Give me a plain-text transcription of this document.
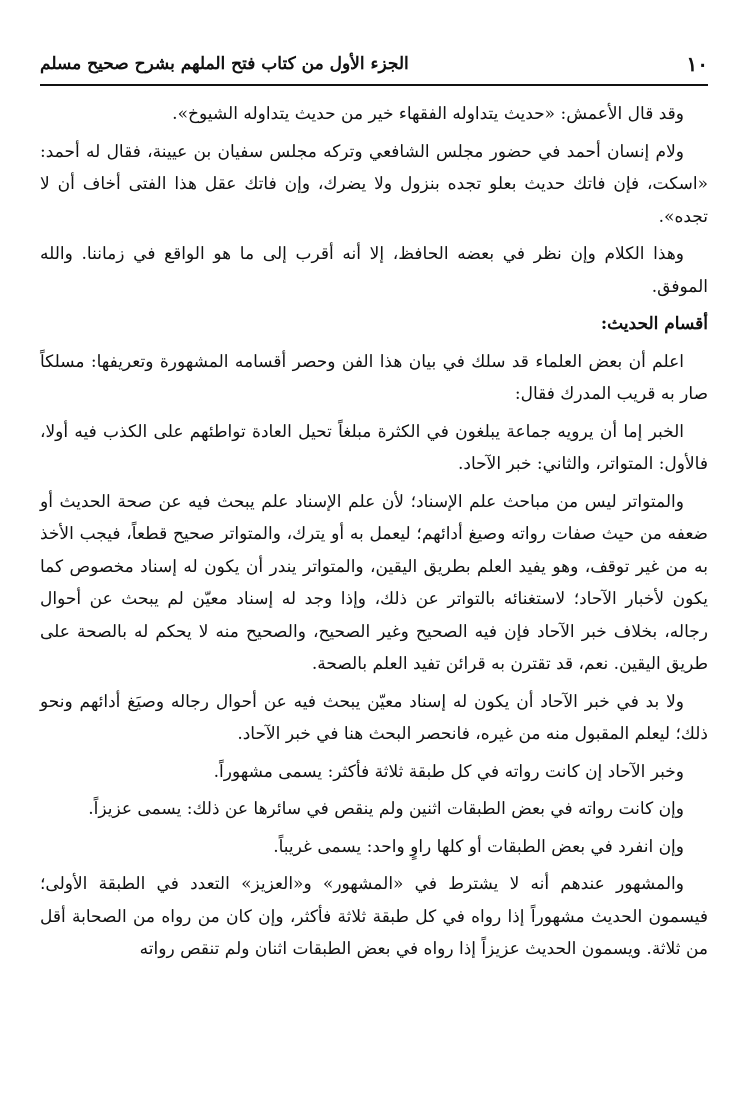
١٠
الجزء الأول من كتاب فتح الملهم بشرح صحيح مسلم

وقد قال الأعمش: «حديث يتداوله الفقهاء خير من حديث يتداوله الشيوخ».

ولام إنسان أحمد في حضور مجلس الشافعي وتركه مجلس سفيان بن عيينة، فقال له أحمد: «اسكت، فإن فاتك حديث بعلو تجده بنزول ولا يضرك، وإن فاتك عقل هذا الفتى أخاف أن لا تجده».

وهذا الكلام وإن نظر في بعضه الحافظ، إلا أنه أقرب إلى ما هو الواقع في زماننا. والله الموفق.

أقسام الحديث:

اعلم أن بعض العلماء قد سلك في بيان هذا الفن وحصر أقسامه المشهورة وتعريفها: مسلكاً صار به قريب المدرك فقال:

الخبر إما أن يرويه جماعة يبلغون في الكثرة مبلغاً تحيل العادة تواطئهم على الكذب فيه أولا، فالأول: المتواتر، والثاني: خبر الآحاد.

والمتواتر ليس من مباحث علم الإسناد؛ لأن علم الإسناد علم يبحث فيه عن صحة الحديث أو ضعفه من حيث صفات رواته وصيغ أدائهم؛ ليعمل به أو يترك، والمتواتر صحيح قطعاً، فيجب الأخذ به من غير توقف، وهو يفيد العلم بطريق اليقين، والمتواتر يندر أن يكون له إسناد مخصوص كما يكون لأخبار الآحاد؛ لاستغنائه بالتواتر عن ذلك، وإذا وجد له إسناد معيّن لم يبحث عن أحوال رجاله، بخلاف خبر الآحاد فإن فيه الصحيح وغير الصحيح، والصحيح منه لا يحكم له بالصحة على طريق اليقين. نعم، قد تقترن به قرائن تفيد العلم بالصحة.

ولا بد في خبر الآحاد أن يكون له إسناد معيّن يبحث فيه عن أحوال رجاله وصيَغ أدائهم ونحو ذلك؛ ليعلم المقبول منه من غيره، فانحصر البحث هنا في خبر الآحاد.

وخبر الآحاد إن كانت رواته في كل طبقة ثلاثة فأكثر: يسمى مشهوراً.

وإن كانت رواته في بعض الطبقات اثنين ولم ينقص في سائرها عن ذلك: يسمى عزيزاً.

وإن انفرد في بعض الطبقات أو كلها راوٍ واحد: يسمى غريباً.

والمشهور عندهم أنه لا يشترط في «المشهور» و«العزيز» التعدد في الطبقة الأولى؛ فيسمون الحديث مشهوراً إذا رواه في كل طبقة ثلاثة فأكثر، وإن كان من رواه من الصحابة أقل من ثلاثة. ويسمون الحديث عزيزاً إذا رواه في بعض الطبقات اثنان ولم تنقص رواته
